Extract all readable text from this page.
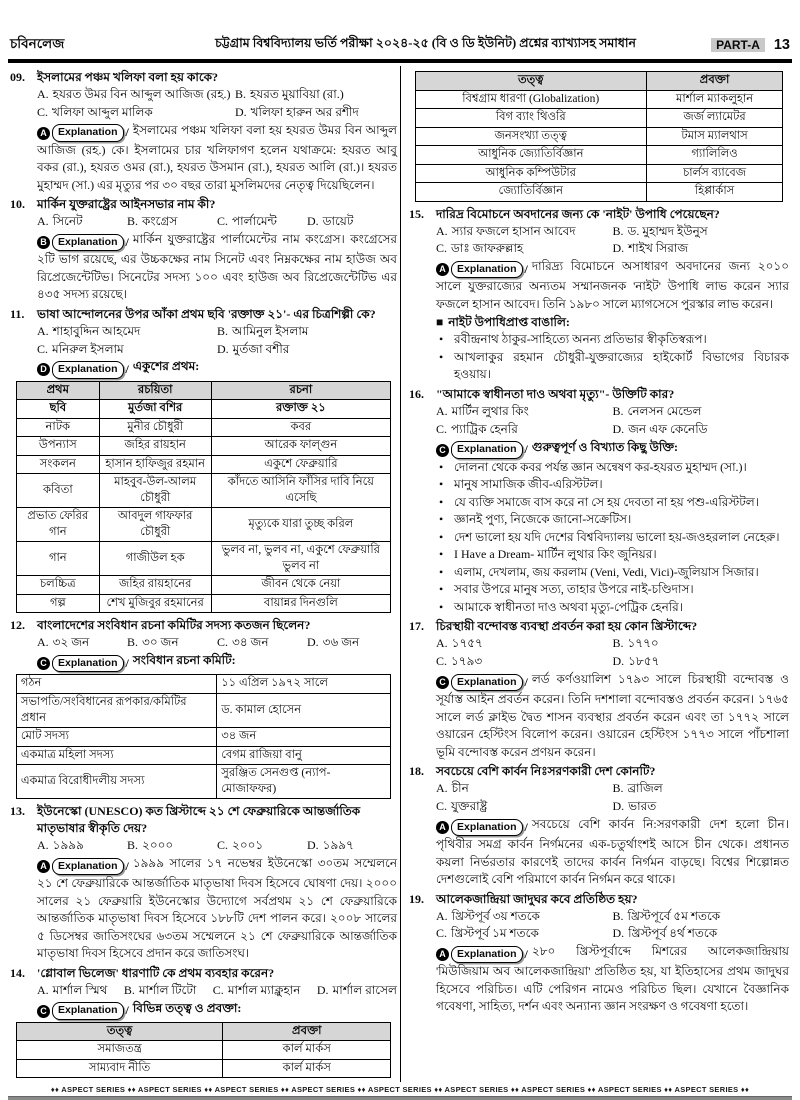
চবিনলেজ	চট্টগ্রাম বিশ্ববিদ্যালয় ভর্তি পরীক্ষা ২০২৪-২৫ (বি ও ডি ইউনিট) প্রশ্নের ব্যাখ্যাসহ সমাধান	PART-A 13
09.	ইসলামের পঞ্চম খলিফা বলা হয় কাকে?
A. হযরত উমর বিন আব্দুল আজিজ (রহ.) B. হযরত মুয়াবিয়া (রা.)
C. খলিফা আব্দুল মালিক	D. খলিফা হারুন অর রশীদ
A	Explanation / ইসলামের পঞ্চম খলিফা বলা হয় হযরত উমর বিন আব্দুল আজিজ (রহ.) কে। ইসলামের চার খলিফাগণ হলেন যথাক্রমে: হযরত আবু বকর (রা.), হযরত ওমর (রা.), হযরত উসমান (রা.), হযরত আলি (রা.)। হযরত মুহাম্মদ (সা.) এর মৃত্যুর পর ৩০ বছর তারা মুসলিমদের নেতৃত্ব দিয়েছিলেন।
10.	মার্কিন যুক্তরাষ্ট্রের আইনসভার নাম কী?
A. সিনেট	B. কংগ্রেস	C. পার্লামেন্ট	D. ডায়েট
B	Explanation / মার্কিন যুক্তরাষ্ট্রের পার্লামেন্টের নাম কংগ্রেস। কংগ্রেসের ২টি ভাগ রয়েছে, এর উচ্চকক্ষের নাম সিনেট এবং নিম্নকক্ষের নাম হাউজ অব রিপ্রেজেন্টেটিভ। সিনেটের সদস্য ১০০ এবং হাউজ অব রিপ্রেজেন্টেটিভ এর ৪৩৫ সদস্য রয়েছে।
11.	ভাষা আন্দোলনের উপর আঁকা প্রথম ছবি 'রক্তাক্ত ২১'- এর চিত্রশিল্পী কে?
A. শাহাবুদ্দিন আহমেদ	B. আমিনুল ইসলাম
C. মনিরুল ইসলাম	D. মুর্তজা বশীর
D	Explanation / একুশের প্রথম:
প্রথম	রচয়িতা	রচনা
ছবি	মুর্তজা বশির	রক্তাক্ত ২১
নাটক	মুনীর চৌধুরী	কবর
উপন্যাস	জহির রায়হান	আরেক ফাল্গুন
সংকলন	হাসান হাফিজুর রহমান	একুশে ফেব্রুয়ারি
কবিতা	মাহবুব-উল-আলম চৌধুরী	কাঁদতে আসিনি ফাঁসির দাবি নিয়ে এসেছি
প্রভাত ফেরির গান	আবদুল গাফফার চৌধুরী	মৃত্যুকে যারা তুচ্ছ করিল
গান	গাজীউল হক	ভুলব না, ভুলব না, একুশে ফেব্রুয়ারি ভুলব না
চলচ্চিত্র	জহির রায়হানের	জীবন থেকে নেয়া
গল্প	শেখ মুজিবুর রহমানের	বায়ান্নর দিনগুলি
12.	বাংলাদেশের সংবিধান রচনা কমিটির সদস্য কতজন ছিলেন?
A. ৩২ জন	B. ৩০ জন	C. ৩৪ জন	D. ৩৬ জন
C	Explanation / সংবিধান রচনা কমিটি:
গঠন	১১ এপ্রিল ১৯৭২ সালে
সভাপতি/সংবিধানের রূপকার/কমিটির প্রধান	ড. কামাল হোসেন
মোট সদস্য	৩৪ জন
একমাত্র মহিলা সদস্য	বেগম রাজিয়া বানু
একমাত্র বিরোধীদলীয় সদস্য	সুরঞ্জিত সেনগুপ্ত (ন্যাপ- মোজাফফর)
13.	ইউনেস্কো (UNESCO) কত খ্রিস্টাব্দে ২১ শে ফেব্রুয়ারিকে আন্তর্জাতিক মাতৃভাষার স্বীকৃতি দেয়?
A. ১৯৯৯	B. ২০০০	C. ২০০১	D. ১৯৯৭
A	Explanation / ১৯৯৯ সালের ১৭ নভেম্বর ইউনেস্কো ৩০তম সম্মেলনে ২১ শে ফেব্রুয়ারিকে আন্তর্জাতিক মাতৃভাষা দিবস হিসেবে ঘোষণা দেয়। ২০০০ সালের ২১ ফেব্রুয়ারি ইউনেস্কোর উদ্যোগে সর্বপ্রথম ২১ শে ফেব্রুয়ারিকে আন্তর্জাতিক মাতৃভাষা দিবস হিসেবে ১৮৮টি দেশ পালন করে। ২০০৮ সালের ৫ ডিসেম্বর জাতিসংঘের ৬৩তম সম্মেলনে ২১ শে ফেব্রুয়ারিকে আন্তর্জাতিক মাতৃভাষা দিবস হিসেবে প্রদান করে জাতিসংঘ।
14.	'গ্লোবাল ভিলেজ' ধারণাটি কে প্রথম ব্যবহার করেন?
A. মার্শাল স্মিথ B. মার্শাল টিটো C. মার্শাল ম্যাক্লুহান D. মার্শাল রাসেল
C	Explanation / বিভিন্ন তত্ত্ব ও প্রবক্তা:
তত্ত্ব	প্রবক্তা
সমাজতন্ত্র	কার্ল মার্কস
সাম্যবাদ নীতি	কার্ল মার্কস
তত্ত্ব	প্রবক্তা
বিশ্বগ্রাম ধারণা (Globalization)	মার্শাল ম্যাকলুহান
বিগ ব্যাং থিওরি	জর্জ ল্যামেটর
জনসংখ্যা তত্ত্ব	টমাস ম্যালথাস
আধুনিক জ্যোতির্বিজ্ঞান	গ্যালিলিও
আধুনিক কম্পিউটার	চার্লস ব্যাবেজ
জ্যোতির্বিজ্ঞান	হিপ্পার্কাস
15.	দারিদ্র বিমোচনে অবদানের জন্য কে 'নাইট' উপাধি পেয়েছেন?
A. স্যার ফজলে হাসান আবেদ	B. ড. মুহাম্মদ ইউনুস
C. ডাঃ জাফরুল্লাহ	D. শাইখ সিরাজ
A	Explanation / দারিদ্র্য বিমোচনে অসাধারণ অবদানের জন্য ২০১০ সালে যুক্তরাজ্যের অন্যতম সম্মানজনক 'নাইট' উপাধি লাভ করেন স্যার ফজলে হাসান আবেদ। তিনি ১৯৮০ সালে ম্যাগসেসে পুরস্কার লাভ করেন।
■ নাইট উপাধিপ্রাপ্ত বাঙালি:
• রবীন্দ্রনাথ ঠাকুর-সাহিত্যে অনন্য প্রতিভার স্বীকৃতিস্বরূপ।
• আখলাকুর রহমান চৌধুরী-যুক্তরাজ্যের হাইকোর্ট বিভাগের বিচারক হওয়ায়।
16.	"আমাকে স্বাধীনতা দাও অথবা মৃত্যু"- উক্তিটি কার?
A. মার্টিন লুথার কিং	B. নেলসন মেন্ডেল
C. প্যাট্রিক হেনরি	D. জন এফ কেনেডি
C	Explanation / গুরুত্বপূর্ণ ও বিখ্যাত কিছু উক্তি:
• দোলনা থেকে কবর পর্যন্ত জ্ঞান অন্বেষণ কর-হযরত মুহাম্মদ (সা.)।
• মানুষ সামাজিক জীব-এরিস্টটল।
• যে ব্যক্তি সমাজে বাস করে না সে হয় দেবতা না হয় পশু-এরিস্টটল।
• জ্ঞানই পুণ্য, নিজেকে জানো-সক্রেটিস।
• দেশ ভালো হয় যদি দেশের বিশ্ববিদ্যালয় ভালো হয়-জওহরলাল নেহেরু।
• I Have a Dream- মার্টিন লুথার কিং জুনিয়র।
• এলাম, দেখলাম, জয় করলাম (Veni, Vedi, Vici)-জুলিয়াস সিজার।
• সবার উপরে মানুষ সত্য, তাহার উপরে নাই-চণ্ডিদাস।
• আমাকে স্বাধীনতা দাও অথবা মৃত্যু-পেট্রিক হেনরি।
17.	চিরস্থায়ী বন্দোবস্ত ব্যবস্থা প্রবর্তন করা হয় কোন খ্রিস্টাব্দে?
A. ১৭৫৭	B. ১৭৭০
C. ১৭৯৩	D. ১৮৫৭
C	Explanation / লর্ড কর্ণওয়ালিশ ১৭৯৩ সালে চিরস্থায়ী বন্দোবস্ত ও সূর্যাস্ত আইন প্রবর্তন করেন। তিনি দশশালা বন্দোবস্তও প্রবর্তন করেন। ১৭৬৫ সালে লর্ড ক্লাইভ দ্বৈত শাসন ব্যবস্থার প্রবর্তন করেন এবং তা ১৭৭২ সালে ওয়ারেন হেস্টিংস বিলোপ করেন। ওয়ারেন হেস্টিংস ১৭৭৩ সালে পাঁচশালা ভূমি বন্দোবস্ত করেন প্রণয়ন করেন।
18.	সবচেয়ে বেশি কার্বন নিঃসরণকারী দেশ কোনটি?
A. চীন	B. ব্রাজিল
C. যুক্তরাষ্ট্র	D. ভারত
A	Explanation / সবচেয়ে বেশি কার্বন নি:সরণকারী দেশ হলো চীন। পৃথিবীর সমগ্র কার্বন নির্গমনের এক-চতুর্থাংশই আসে চীন থেকে। প্রধানত কয়লা নির্ভরতার কারণেই তাদের কার্বন নির্গমন বাড়ছে। বিশ্বের শিল্পোন্নত দেশগুলোই বেশি পরিমাণে কার্বন নির্গমন করে থাকে।
19.	আলেকজান্দ্রিয়া জাদুঘর কবে প্রতিষ্ঠিত হয়?
A. খ্রিস্টপূর্ব ৩য় শতকে	B. খ্রিস্টপূর্বে ৫ম শতকে
C. খ্রিস্টপূর্ব ১ম শতকে	D. খ্রিস্টপূর্ব ৪র্থ শতকে
A	Explanation / ২৮০ খ্রিস্টপূর্বাব্দে মিশরের আলেকজান্দ্রিয়ায় 'মিউজিয়াম অব আলেকজান্দ্রিয়া' প্রতিষ্ঠিত হয়, যা ইতিহাসের প্রথম জাদুঘর হিসেবে পরিচিত। এটি পেরিগন নামেও পরিচিত ছিল। যেখানে বৈজ্ঞানিক গবেষণা, সাহিত্য, দর্শন এবং অন্যান্য জ্ঞান সংরক্ষণ ও গবেষণা হতো।
♦♦ ASPECT SERIES ♦♦ ASPECT SERIES ♦♦ ASPECT SERIES ♦♦ ASPECT SERIES ♦♦ ASPECT SERIES ♦♦ ASPECT SERIES ♦♦ ASPECT SERIES ♦♦ ASPECT SERIES ♦♦ ASPECT SERIES ♦♦
